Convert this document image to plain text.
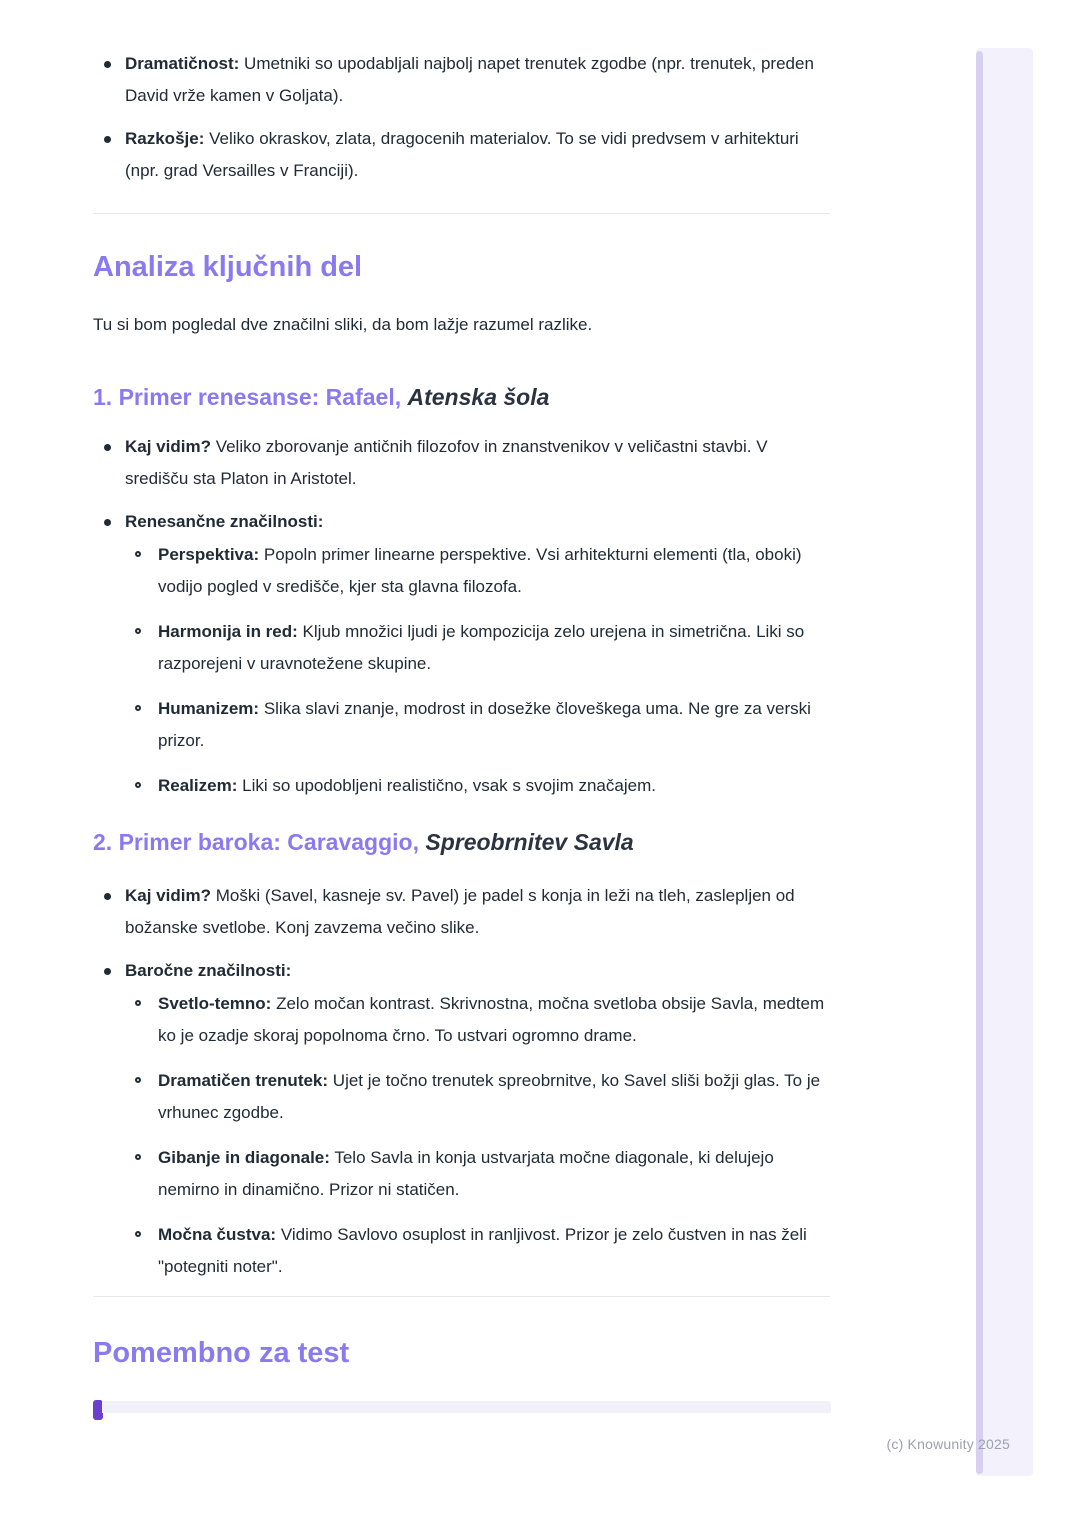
Dramatičnost: Umetniki so upodabljali najbolj napet trenutek zgodbe (npr. trenutek, preden David vrže kamen v Goljata).
Razkošje: Veliko okraskov, zlata, dragocenih materialov. To se vidi predvsem v arhitekturi (npr. grad Versailles v Franciji).
Analiza ključnih del

Tu si bom pogledal dve značilni sliki, da bom lažje razumel razlike.

1. Primer renesanse: Rafael, Atenska šola
Kaj vidim? Veliko zborovanje antičnih filozofov in znanstvenikov v veličastni stavbi. V središču sta Platon in Aristotel.
Renesančne značilnosti:
Perspektiva: Popoln primer linearne perspektive. Vsi arhitekturni elementi (tla, oboki) vodijo pogled v središče, kjer sta glavna filozofa.
Harmonija in red: Kljub množici ljudi je kompozicija zelo urejena in simetrična. Liki so razporejeni v uravnotežene skupine.
Humanizem: Slika slavi znanje, modrost in dosežke človeškega uma. Ne gre za verski prizor.
Realizem: Liki so upodobljeni realistično, vsak s svojim značajem.
2. Primer baroka: Caravaggio, Spreobrnitev Savla
Kaj vidim? Moški (Savel, kasneje sv. Pavel) je padel s konja in leži na tleh, zaslepljen od božanske svetlobe. Konj zavzema večino slike.
Baročne značilnosti:
Svetlo-temno: Zelo močan kontrast. Skrivnostna, močna svetloba obsije Savla, medtem ko je ozadje skoraj popolnoma črno. To ustvari ogromno drame.
Dramatičen trenutek: Ujet je točno trenutek spreobrnitve, ko Savel sliši božji glas. To je vrhunec zgodbe.
Gibanje in diagonale: Telo Savla in konja ustvarjata močne diagonale, ki delujejo nemirno in dinamično. Prizor ni statičen.
Močna čustva: Vidimo Savlovo osuplost in ranljivost. Prizor je zelo čustven in nas želi "potegniti noter".
Pomembno za test
(c) Knowunity 2025
